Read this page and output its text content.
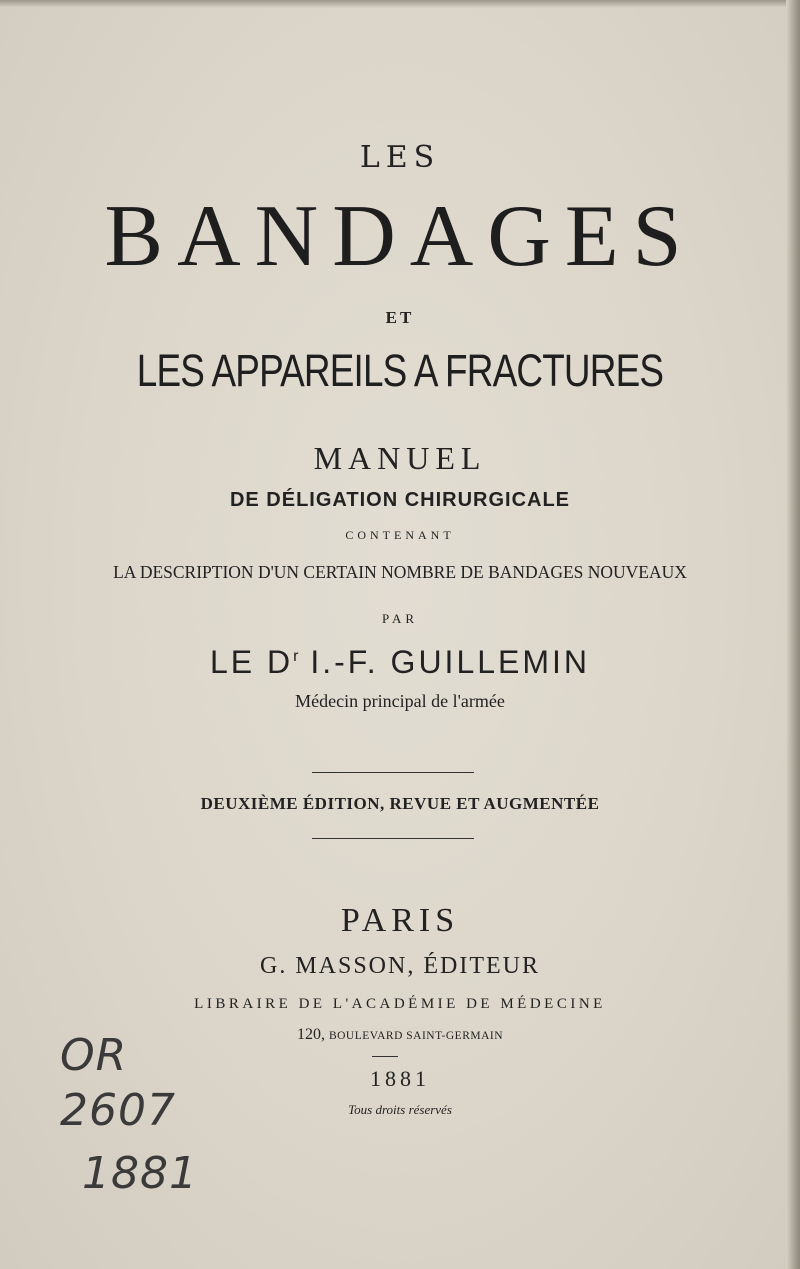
LES
BANDAGES
ET
LES APPAREILS A FRACTURES
MANUEL
DE DÉLIGATION CHIRURGICALE
CONTENANT
LA DESCRIPTION D'UN CERTAIN NOMBRE DE BANDAGES NOUVEAUX
PAR
LE $D^r$ I.-F. GUILLEMIN
Médecin principal de l'armée
DEUXIÈME ÉDITION, REVUE ET AUGMENTÉE
PARIS
G. MASSON, ÉDITEUR
LIBRAIRE DE L'ACADÉMIE DE MÉDECINE
120, BOULEVARD SAINT-GERMAIN
1881
Tous droits réservés
OR
2607
1881
